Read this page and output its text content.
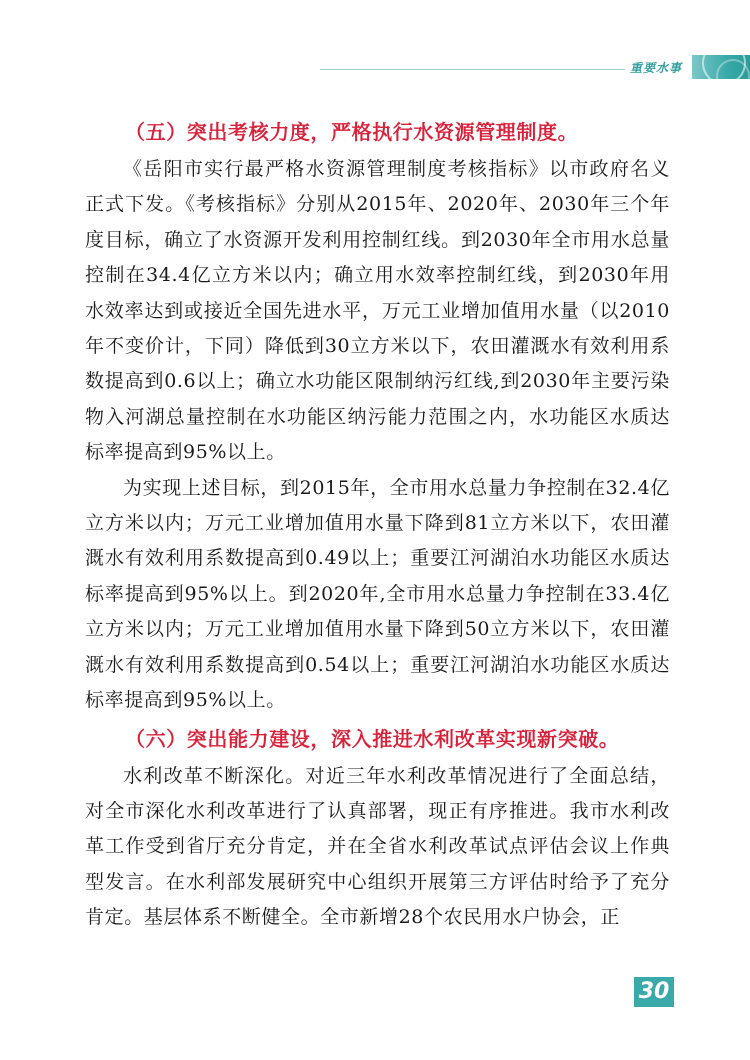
重要水事
（五）突出考核力度，严格执行水资源管理制度。

《岳阳市实行最严格水资源管理制度考核指标》以市政府名义正式下发。《考核指标》分别从2015年、2020年、2030年三个年度目标，确立了水资源开发利用控制红线。到2030年全市用水总量控制在34.4亿立方米以内；确立用水效率控制红线，到2030年用水效率达到或接近全国先进水平，万元工业增加值用水量（以2010年不变价计，下同）降低到30立方米以下，农田灌溉水有效利用系数提高到0.6以上；确立水功能区限制纳污红线,到2030年主要污染物入河湖总量控制在水功能区纳污能力范围之内，水功能区水质达标率提高到95%以上。

为实现上述目标，到2015年，全市用水总量力争控制在32.4亿立方米以内；万元工业增加值用水量下降到81立方米以下，农田灌溉水有效利用系数提高到0.49以上；重要江河湖泊水功能区水质达标率提高到95%以上。到2020年,全市用水总量力争控制在33.4亿立方米以内；万元工业增加值用水量下降到50立方米以下，农田灌溉水有效利用系数提高到0.54以上；重要江河湖泊水功能区水质达标率提高到95%以上。

（六）突出能力建设，深入推进水利改革实现新突破。

水利改革不断深化。对近三年水利改革情况进行了全面总结，对全市深化水利改革进行了认真部署，现正有序推进。我市水利改革工作受到省厅充分肯定，并在全省水利改革试点评估会议上作典型发言。在水利部发展研究中心组织开展第三方评估时给予了充分肯定。基层体系不断健全。全市新增28个农民用水户协会，正

30
